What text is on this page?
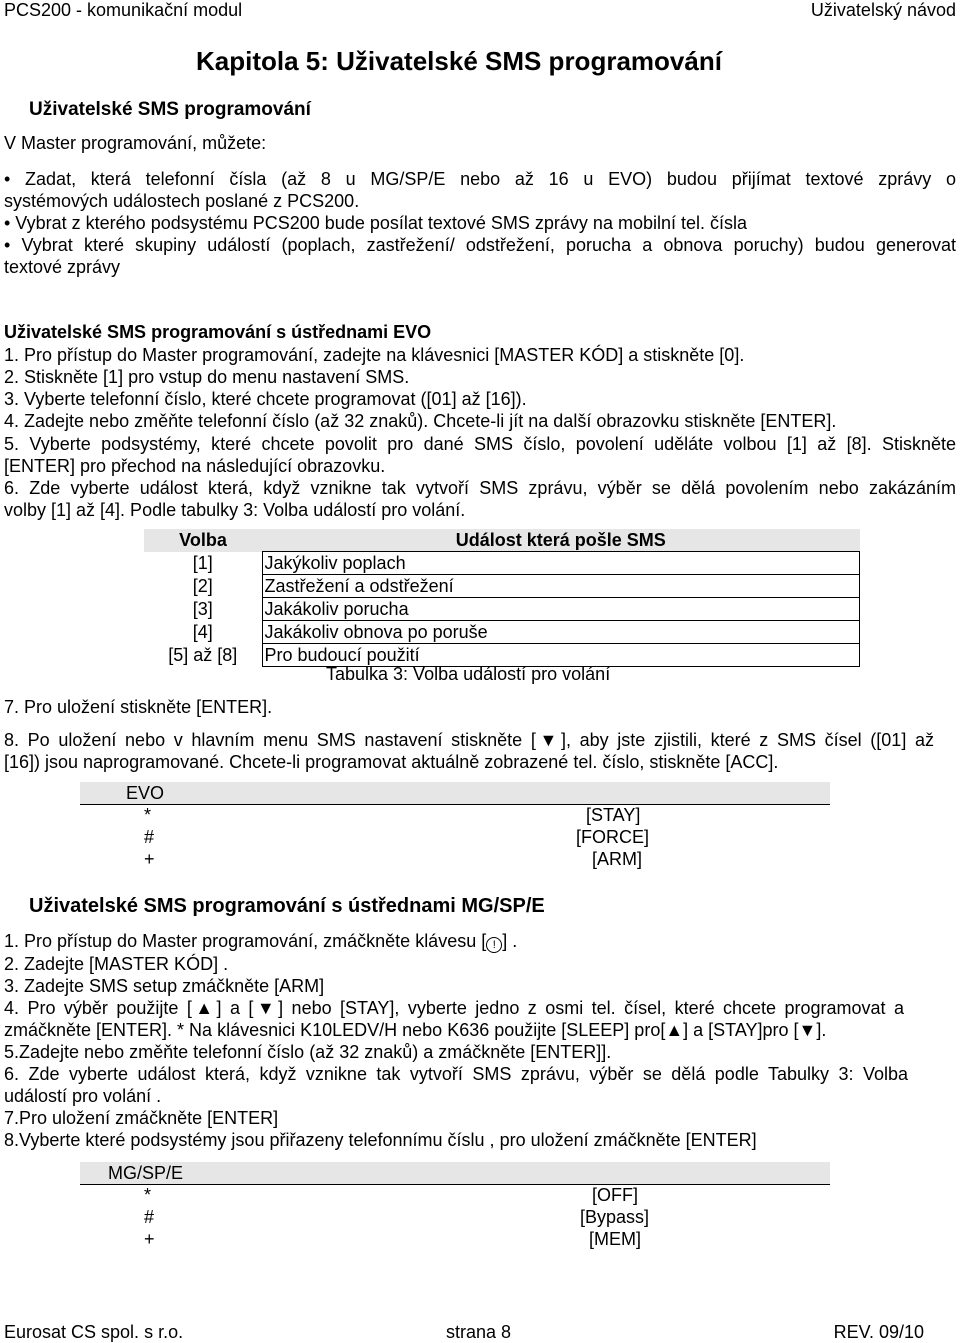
PCS200 - komunikační modul	Uživatelský návod
Kapitola 5: Uživatelské SMS programování
Uživatelské SMS programování
V Master programování, můžete:
• Zadat, která telefonní čísla (až 8 u MG/SP/E nebo až 16 u EVO) budou přijímat textové zprávy o
systémových událostech poslané z PCS200.
• Vybrat z kterého podsystému PCS200 bude posílat textové SMS zprávy na mobilní tel. čísla
• Vybrat které skupiny událostí (poplach, zastřežení/ odstřežení, porucha a obnova poruchy) budou generovat
textové zprávy
Uživatelské SMS programování s ústřednami EVO
1. Pro přístup do Master programování, zadejte na klávesnici [MASTER KÓD] a stiskněte [0].
2. Stiskněte [1] pro vstup do menu nastavení SMS.
3. Vyberte telefonní číslo, které chcete programovat ([01] až [16]).
4. Zadejte nebo změňte telefonní číslo (až 32 znaků). Chcete-li jít na další obrazovku stiskněte [ENTER].
5. Vyberte podsystémy, které chcete povolit pro dané SMS číslo, povolení uděláte volbou [1] až [8]. Stiskněte
[ENTER] pro přechod na následující obrazovku.
6. Zde vyberte událost která, když vznikne tak vytvoří SMS zprávu, výběr se dělá povolením nebo zakázáním
volby [1] až [4]. Podle tabulky 3: Volba událostí pro volání.
Volba	Událost která pošle SMS
[1]	Jakýkoliv poplach
[2]	Zastřežení a odstřežení
[3]	Jakákoliv porucha
[4]	Jakákoliv obnova po poruše
[5] až [8]	Pro budoucí použití
Tabulka 3: Volba událostí pro volání
7. Pro uložení stiskněte [ENTER].
8. Po uložení nebo v hlavním menu SMS nastavení stiskněte [▼], aby jste zjistili, které z SMS čísel ([01] až
[16]) jsou naprogramované. Chcete-li programovat aktuálně zobrazené tel. číslo, stiskněte [ACC].
EVO	
*	[STAY]
#	[FORCE]
+	[ARM]
Uživatelské SMS programování s ústřednami MG/SP/E
1. Pro přístup do Master programování, zmáčkněte klávesu [ ! ] .
2. Zadejte [MASTER KÓD] .
3. Zadejte SMS setup zmáčkněte [ARM]
4. Pro výběr použijte [▲] a [▼] nebo [STAY], vyberte jedno z osmi tel. čísel, které chcete programovat a
zmáčkněte [ENTER]. * Na klávesnici K10LEDV/H nebo K636 použijte [SLEEP] pro[▲] a [STAY]pro [▼].
5.Zadejte nebo změňte telefonní číslo (až 32 znaků) a zmáčkněte [ENTER]].
6. Zde vyberte událost která, když vznikne tak vytvoří SMS zprávu, výběr se dělá podle Tabulky 3: Volba
událostí pro volání .
7.Pro uložení zmáčkněte [ENTER]
8.Vyberte které podsystémy jsou přiřazeny telefonnímu číslu , pro uložení zmáčkněte [ENTER]
MG/SP/E	
*	[OFF]
#	[Bypass]
+	[MEM]
Eurosat CS spol. s r.o.	strana 8	REV. 09/10
